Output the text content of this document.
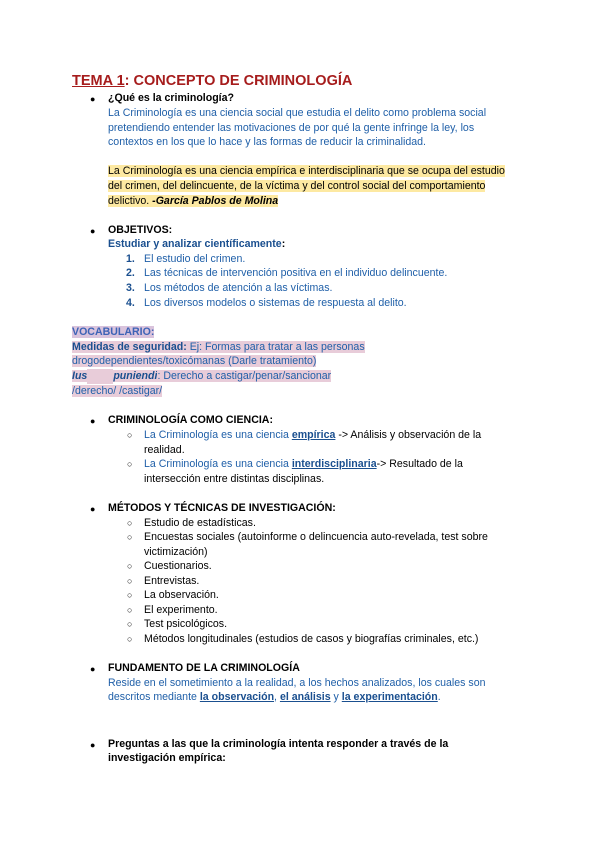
TEMA 1: CONCEPTO DE CRIMINOLOGÍA
● ¿Qué es la criminología?
La Criminología es una ciencia social que estudia el delito como problema social
pretendiendo entender las motivaciones de por qué la gente infringe la ley, los
contextos en los que lo hace y las formas de reducir la criminalidad.
La Criminología es una ciencia empírica e interdisciplinaria que se ocupa del estudio
del crimen, del delincuente, de la víctima y del control social del comportamiento
delictivo. -García Pablos de Molina
● OBJETIVOS:
Estudiar y analizar científicamente:
1. El estudio del crimen.
2. Las técnicas de intervención positiva en el individuo delincuente.
3. Los métodos de atención a las víctimas.
4. Los diversos modelos o sistemas de respuesta al delito.
VOCABULARIO:
Medidas de seguridad: Ej: Formas para tratar a las personas
drogodependientes/toxicómanas (Darle tratamiento)
Ius puniendi: Derecho a castigar/penar/sancionar
/derecho/ /castigar/
● CRIMINOLOGÍA COMO CIENCIA:
○ La Criminología es una ciencia empírica -> Análisis y observación de la
realidad.
○ La Criminología es una ciencia interdisciplinaria-> Resultado de la
intersección entre distintas disciplinas.
● MÉTODOS Y TÉCNICAS DE INVESTIGACIÓN:
○ Estudio de estadísticas.
○ Encuestas sociales (autoinforme o delincuencia auto-revelada, test sobre
victimización)
○ Cuestionarios.
○ Entrevistas.
○ La observación.
○ El experimento.
○ Test psicológicos.
○ Métodos longitudinales (estudios de casos y biografías criminales, etc.)
● FUNDAMENTO DE LA CRIMINOLOGÍA
Reside en el sometimiento a la realidad, a los hechos analizados, los cuales son
descritos mediante la observación, el análisis y la experimentación.
● Preguntas a las que la criminología intenta responder a través de la
investigación empírica:
